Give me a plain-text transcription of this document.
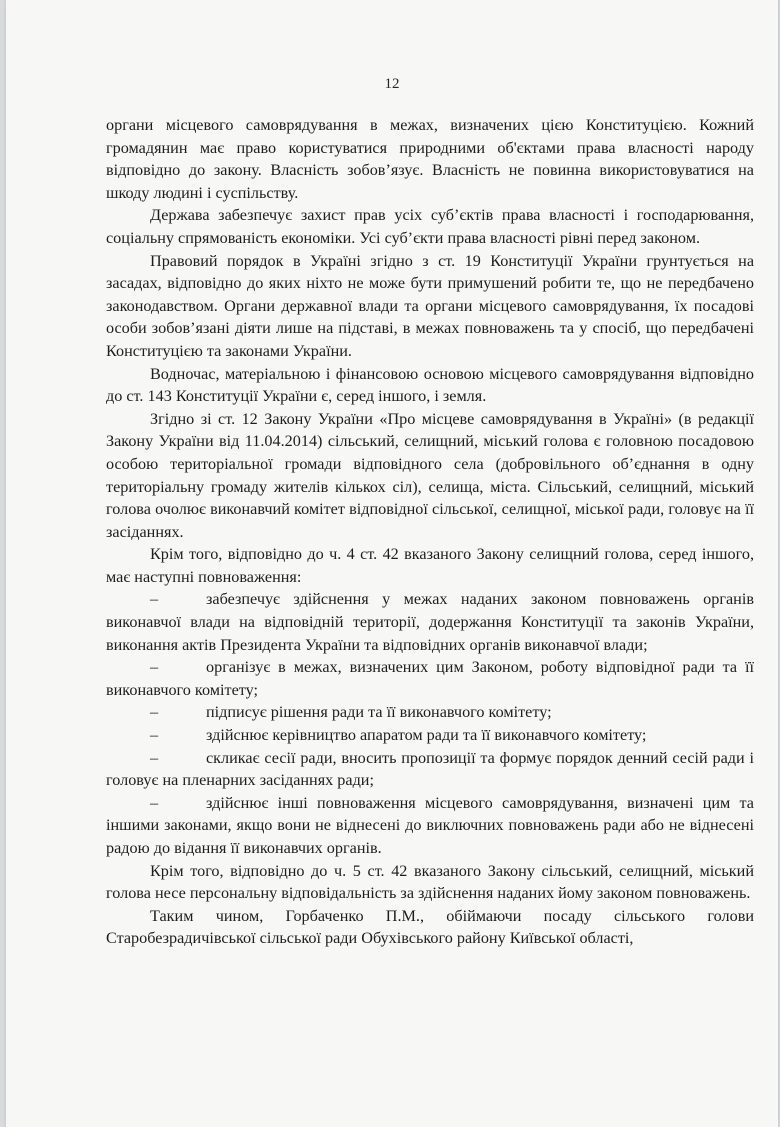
12

органи місцевого самоврядування в межах, визначених цією Конституцією. Кожний громадянин має право користуватися природними об'єктами права власності народу відповідно до закону. Власність зобов’язує. Власність не повинна використовуватися на шкоду людині і суспільству.

Держава забезпечує захист прав усіх суб’єктів права власності і господарювання, соціальну спрямованість економіки. Усі суб’єкти права власності рівні перед законом.

Правовий порядок в Україні згідно з ст. 19 Конституції України грунтується на засадах, відповідно до яких ніхто не може бути примушений робити те, що не передбачено законодавством. Органи державної влади та органи місцевого самоврядування, їх посадові особи зобов’язані діяти лише на підставі, в межах повноважень та у спосіб, що передбачені Конституцією та законами України.

Водночас, матеріальною і фінансовою основою місцевого самоврядування відповідно до ст. 143 Конституції України є, серед іншого, і земля.

Згідно зі ст. 12 Закону України «Про місцеве самоврядування в Україні» (в редакції Закону України від 11.04.2014) сільський, селищний, міський голова є головною посадовою особою територіальної громади відповідного села (добровільного об’єднання в одну територіальну громаду жителів кількох сіл), селища, міста. Сільський, селищний, міський голова очолює виконавчий комітет відповідної сільської, селищної, міської ради, головує на її засіданнях.

Крім того, відповідно до ч. 4 ст. 42 вказаного Закону селищний голова, серед іншого, має наступні повноваження:

–	забезпечує здійснення у межах наданих законом повноважень органів виконавчої влади на відповідній території, додержання Конституції та законів України, виконання актів Президента України та відповідних органів виконавчої влади;

–	організує в межах, визначених цим Законом, роботу відповідної ради та її виконавчого комітету;

–	підписує рішення ради та її виконавчого комітету;

–	здійснює керівництво апаратом ради та її виконавчого комітету;

–	скликає сесії ради, вносить пропозиції та формує порядок денний сесій ради і головує на пленарних засіданнях ради;

–	здійснює інші повноваження місцевого самоврядування, визначені цим та іншими законами, якщо вони не віднесені до виключних повноважень ради або не віднесені радою до відання її виконавчих органів.

Крім того, відповідно до ч. 5 ст. 42 вказаного Закону сільський, селищний, міський голова несе персональну відповідальність за здійснення наданих йому законом повноважень.

Таким чином, Горбаченко П.М., обіймаючи посаду сільського голови Старобезрадичівської сільської ради Обухівського району Київської області,
